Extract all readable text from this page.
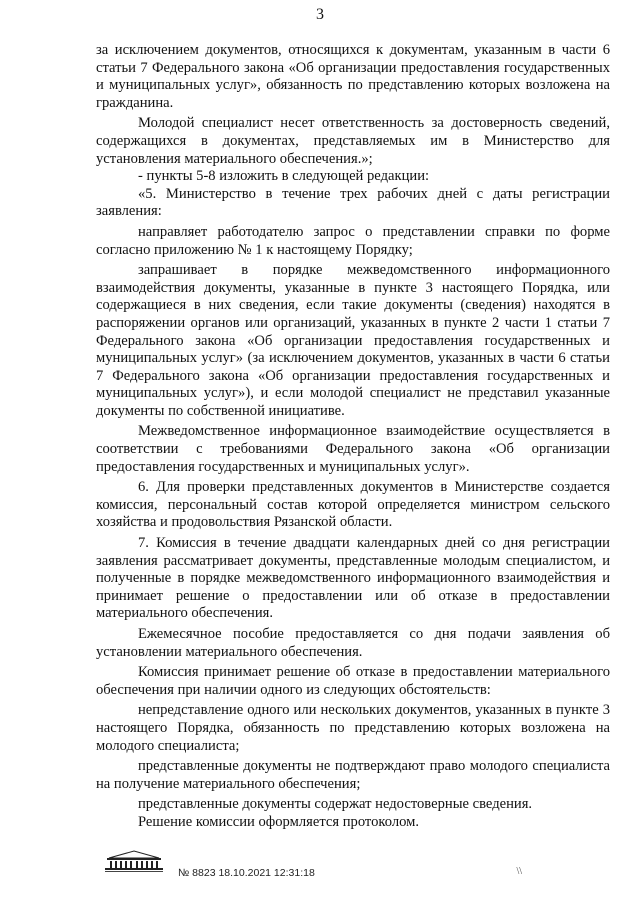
3

за исключением документов, относящихся к документам, указанным в части 6 статьи 7 Федерального закона «Об организации предоставления государственных и муниципальных услуг», обязанность по представлению которых возложена на гражданина.

Молодой специалист несет ответственность за достоверность сведений, содержащихся в документах, представляемых им в Министерство для установления материального обеспечения.»;

- пункты 5-8 изложить в следующей редакции:

«5. Министерство в течение трех рабочих дней с даты регистрации заявления:

направляет работодателю запрос о представлении справки по форме согласно приложению № 1 к настоящему Порядку;

запрашивает в порядке межведомственного информационного взаимодействия документы, указанные в пункте 3 настоящего Порядка, или содержащиеся в них сведения, если такие документы (сведения) находятся в распоряжении органов или организаций, указанных в пункте 2 части 1 статьи 7 Федерального закона «Об организации предоставления государственных и муниципальных услуг» (за исключением документов, указанных в части 6 статьи 7 Федерального закона «Об организации предоставления государственных и муниципальных услуг»), и если молодой специалист не представил указанные документы по собственной инициативе.

Межведомственное информационное взаимодействие осуществляется в соответствии с требованиями Федерального закона «Об организации предоставления государственных и муниципальных услуг».

6. Для проверки представленных документов в Министерстве создается комиссия, персональный состав которой определяется министром сельского хозяйства и продовольствия Рязанской области.

7. Комиссия в течение двадцати календарных дней со дня регистрации заявления рассматривает документы, представленные молодым специалистом, и полученные в порядке межведомственного информационного взаимодействия и принимает решение о предоставлении или об отказе в предоставлении материального обеспечения.

Ежемесячное пособие предоставляется со дня подачи заявления об установлении материального обеспечения.

Комиссия принимает решение об отказе в предоставлении материального обеспечения при наличии одного из следующих обстоятельств:

непредставление одного или нескольких документов, указанных в пункте 3 настоящего Порядка, обязанность по представлению которых возложена на молодого специалиста;

представленные документы не подтверждают право молодого специалиста на получение материального обеспечения;

представленные документы содержат недостоверные сведения.

Решение комиссии оформляется протоколом.

№ 8823 18.10.2021 12:31:18	\\
